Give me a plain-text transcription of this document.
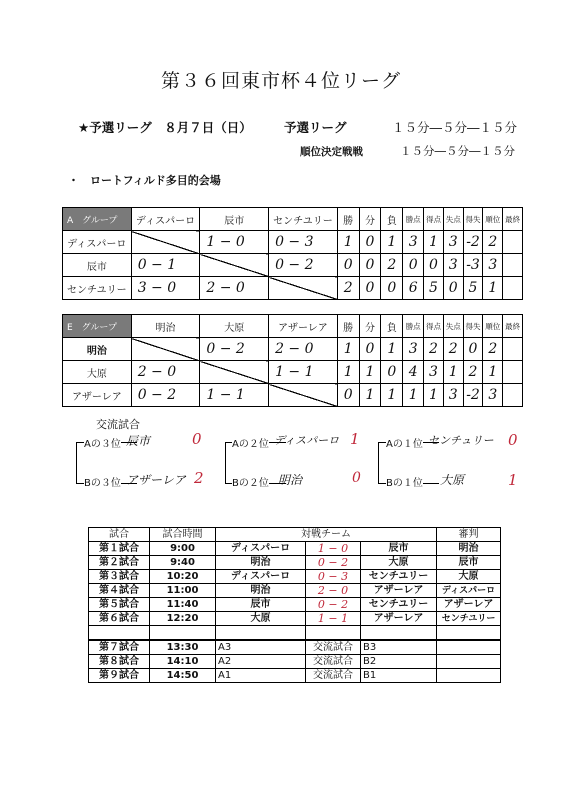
第３６回東市杯４位リーグ
★予選リーグ　８月７日（日）	予選リーグ	１５分―５分―１５分
順位決定戦戦	１５分―５分―１５分
・　ロートフィルド多目的会場
A　グループ	ディスパーロ	辰市	センチユリー	勝	分	負	勝点	得点	失点	得失	順位	最終
ディスパーロ		1 − 0	0 − 3	1	0	1	3	1	3	-2	2	
辰市	0 − 1		0 − 2	0	0	2	0	0	3	-3	3	
センチユリー	3 − 0	2 − 0		2	0	0	6	5	0	5	1	
E　グループ	明治	大原	アザーレア	勝	分	負	勝点	得点	失点	得失	順位	最終
明治		0 − 2	2 − 0	1	0	1	3	2	2	0	2	
大原	2 − 0		1 − 1	1	1	0	4	3	1	2	1	
アザーレア	0 − 2	1 − 1		0	1	1	1	1	3	-2	3	
交流試合
Aの３位 辰市	0
Bの３位 アザーレア 2
Aの２位 ディスパーロ 1
Bの２位 明治	0
Aの１位 センチュリー 0
Bの１位 大原	1
試合	試合時間	対戦チーム			審判
第１試合	9:00	ディスパーロ	1 − 0	辰市	明治
第２試合	9:40	明治	0 − 2	大原	辰市
第３試合	10:20	ディスパーロ	0 − 3	センチユリー	大原
第４試合	11:00	明治	2 − 0	アザーレア	ディスパーロ
第５試合	11:40	辰市	0 − 2	センチユリー	アザーレア
第６試合	12:20	大原	1 − 1	アザーレア	センチユリー

第７試合	13:30	A3	交流試合	B3	
第８試合	14:10	A2	交流試合	B2	
第９試合	14:50	A1	交流試合	B1	
